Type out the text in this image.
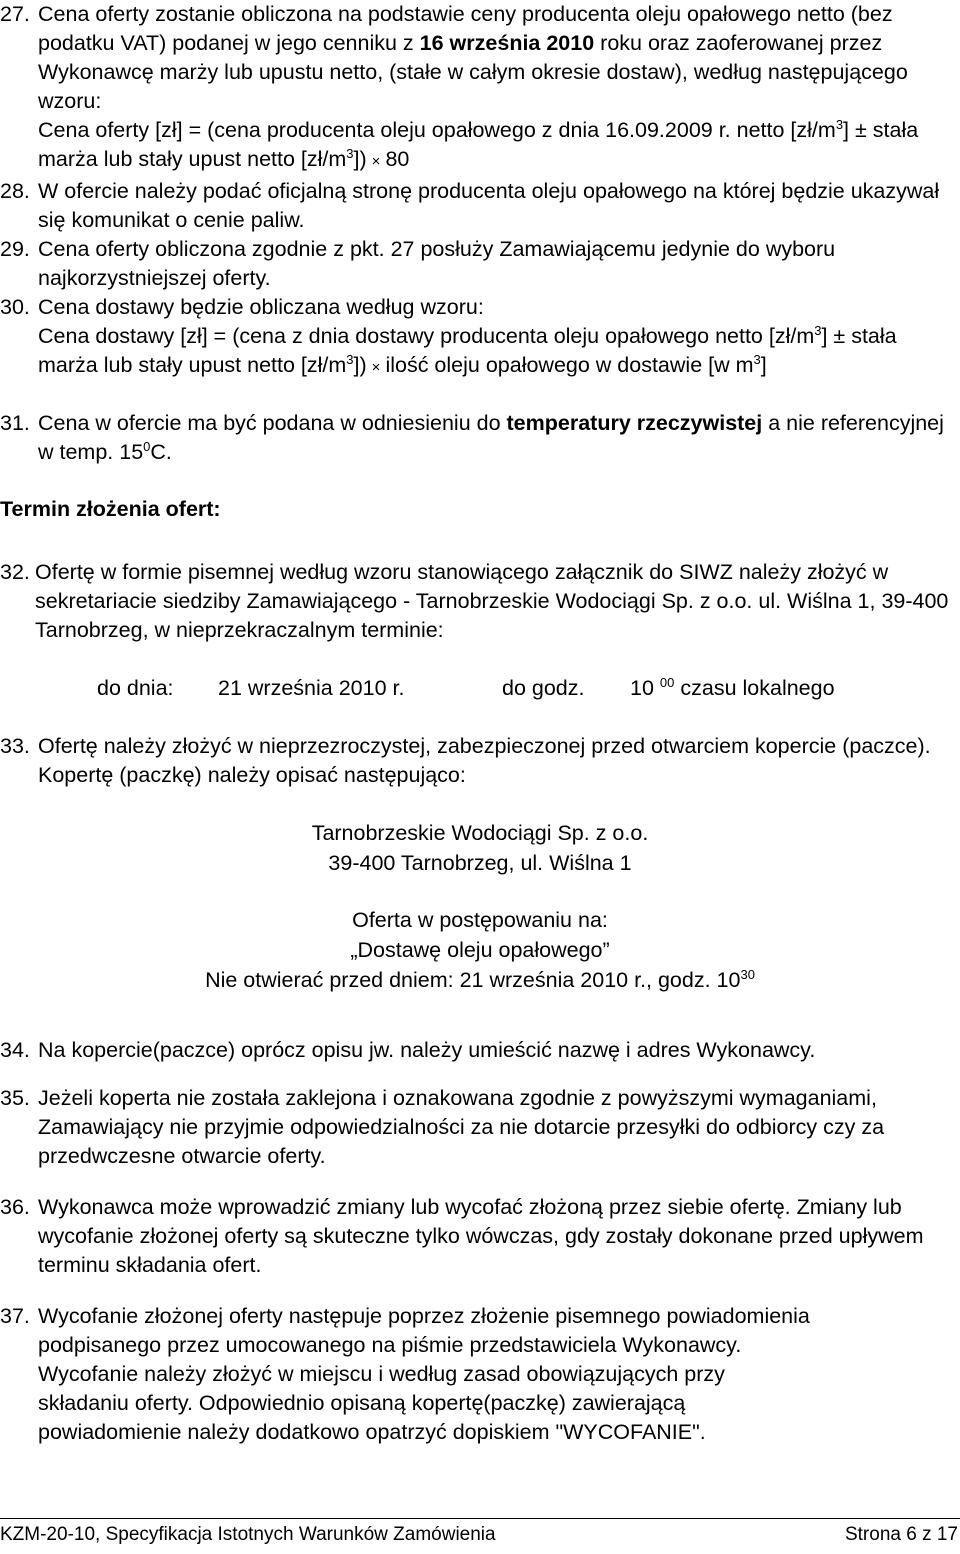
27. Cena oferty zostanie obliczona na podstawie ceny producenta oleju opałowego netto (bez podatku VAT) podanej w jego cenniku z 16 września 2010 roku oraz zaoferowanej przez Wykonawcę marży lub upustu netto, (stałe w całym okresie dostaw), według następującego wzoru:
Cena oferty [zł] = (cena producenta oleju opałowego z dnia 16.09.2009 r. netto $[zł/m^3]$ ± stała marża lub stały upust netto $[zł/m^3]) \times 80$
28. W ofercie należy podać oficjalną stronę producenta oleju opałowego na której będzie ukazywał się komunikat o cenie paliw.
29. Cena oferty obliczona zgodnie z pkt. 27 posłuży Zamawiającemu jedynie do wyboru najkorzystniejszej oferty.
30. Cena dostawy będzie obliczana według wzoru:
Cena dostawy [zł] = (cena z dnia dostawy producenta oleju opałowego netto $[zł/m^3]$ ± stała marża lub stały upust netto $[zł/m^3]$) × ilość oleju opałowego w dostawie [w $m^3$]
31. Cena w ofercie ma być podana w odniesieniu do temperatury rzeczywistej a nie referencyjnej w temp. $15^0C$.
Termin złożenia ofert:
32. Ofertę w formie pisemnej według wzoru stanowiącego załącznik do SIWZ należy złożyć w sekretariacie siedziby Zamawiającego - Tarnobrzeskie Wodociągi Sp. z o.o. ul. Wiślna 1, 39-400 Tarnobrzeg, w nieprzekraczalnym terminie:
do dnia: 21 września 2010 r.	do godz. 10 $^{00}$ czasu lokalnego
33. Ofertę należy złożyć w nieprzezroczystej, zabezpieczonej przed otwarciem kopercie (paczce). Kopertę (paczkę) należy opisać następująco:
Tarnobrzeskie Wodociągi Sp. z o.o.
39-400 Tarnobrzeg, ul. Wiślna 1
Oferta w postępowaniu na:
„Dostawę oleju opałowego”
Nie otwierać przed dniem: 21 września 2010 r., godz. $10^{30}$
34. Na kopercie(paczce) oprócz opisu jw. należy umieścić nazwę i adres Wykonawcy.
35. Jeżeli koperta nie została zaklejona i oznakowana zgodnie z powyższymi wymaganiami, Zamawiający nie przyjmie odpowiedzialności za nie dotarcie przesyłki do odbiorcy czy za przedwczesne otwarcie oferty.
36. Wykonawca może wprowadzić zmiany lub wycofać złożoną przez siebie ofertę. Zmiany lub wycofanie złożonej oferty są skuteczne tylko wówczas, gdy zostały dokonane przed upływem terminu składania ofert.
37. Wycofanie złożonej oferty następuje poprzez złożenie pisemnego powiadomienia
podpisanego przez umocowanego na piśmie przedstawiciela Wykonawcy.
Wycofanie należy złożyć w miejscu i według zasad obowiązujących przy
składaniu oferty. Odpowiednio opisaną kopertę(paczkę) zawierającą
powiadomienie należy dodatkowo opatrzyć dopiskiem "WYCOFANIE".
KZM-20-10, Specyfikacja Istotnych Warunków Zamówienia	Strona 6 z 17
